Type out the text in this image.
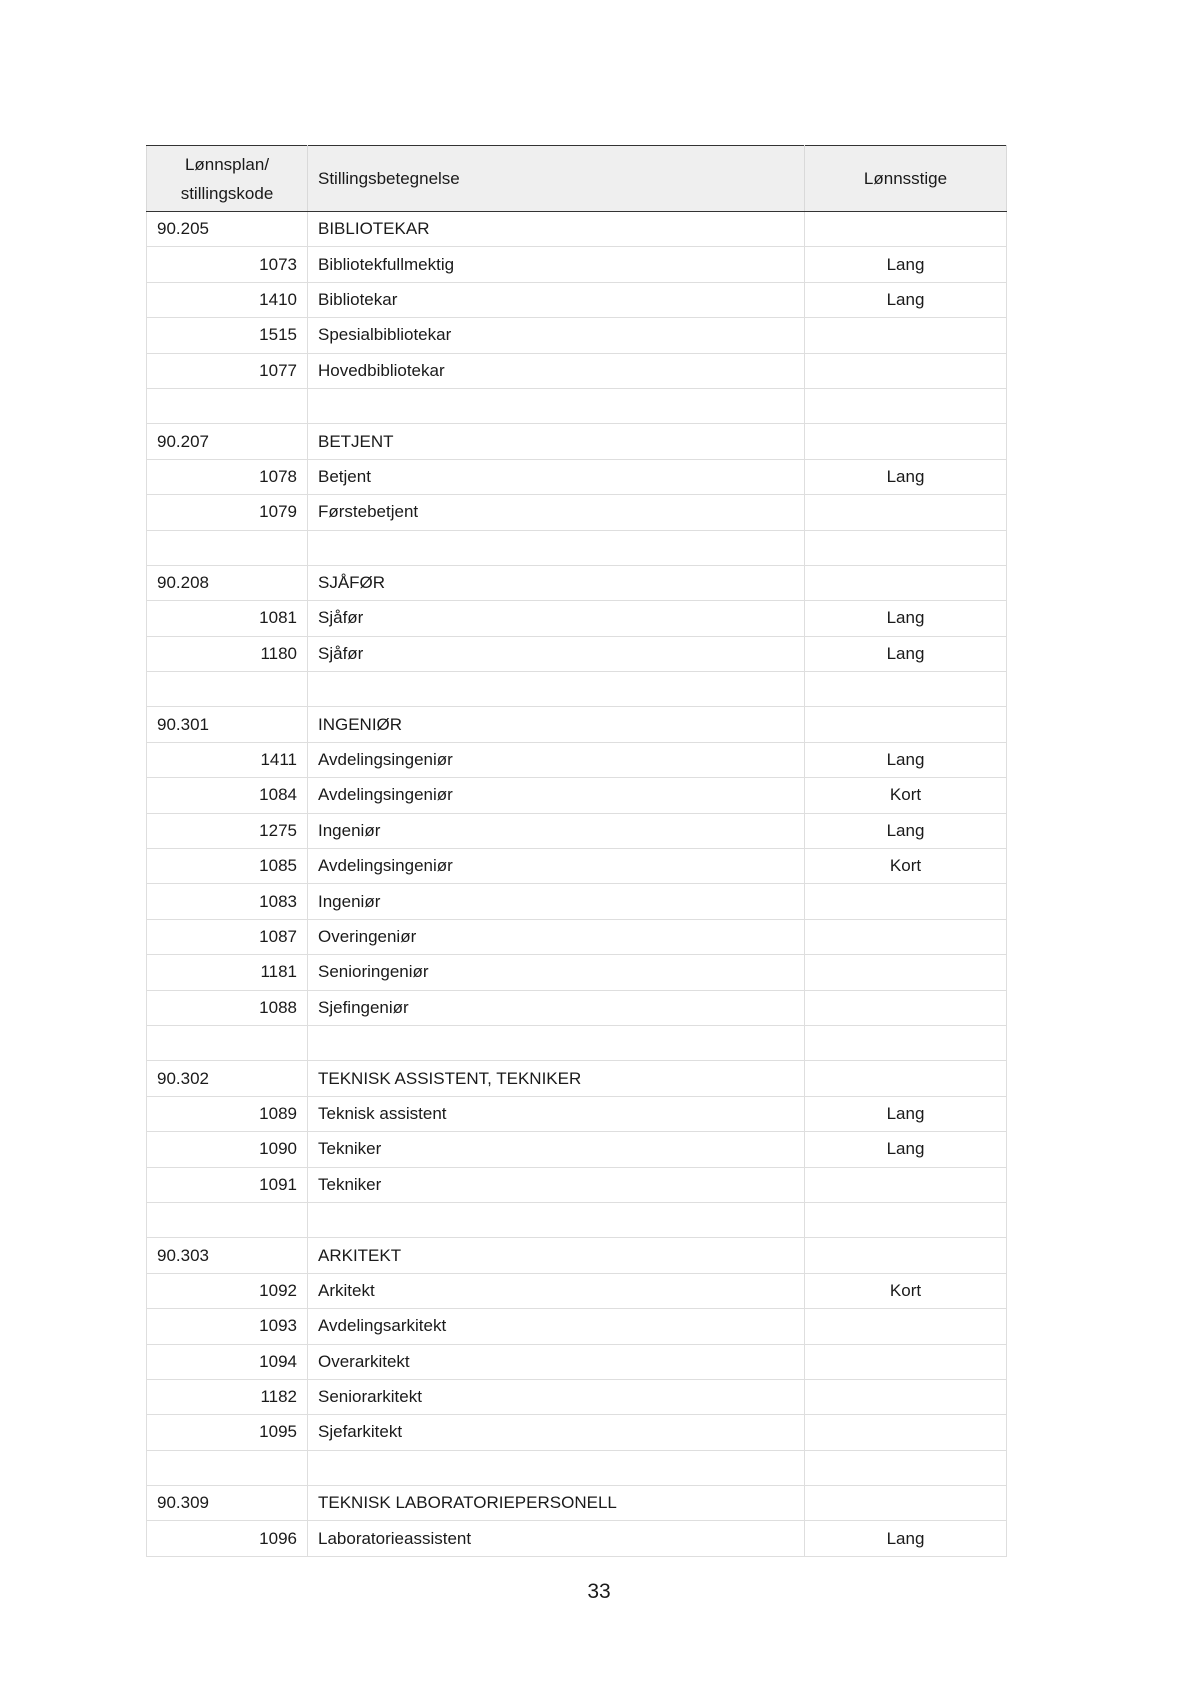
Lønnsplan/
stillingskode	Stillingsbetegnelse	Lønnsstige
90.205	BIBLIOTEKAR	
1073	Bibliotekfullmektig	Lang
1410	Bibliotekar	Lang
1515	Spesialbibliotekar	
1077	Hovedbibliotekar	

90.207	BETJENT	
1078	Betjent	Lang
1079	Førstebetjent	

90.208	SJÅFØR	
1081	Sjåfør	Lang
1180	Sjåfør	Lang

90.301	INGENIØR	
1411	Avdelingsingeniør	Lang
1084	Avdelingsingeniør	Kort
1275	Ingeniør	Lang
1085	Avdelingsingeniør	Kort
1083	Ingeniør	
1087	Overingeniør	
1181	Senioringeniør	
1088	Sjefingeniør	

90.302	TEKNISK ASSISTENT, TEKNIKER	
1089	Teknisk assistent	Lang
1090	Tekniker	Lang
1091	Tekniker	

90.303	ARKITEKT	
1092	Arkitekt	Kort
1093	Avdelingsarkitekt	
1094	Overarkitekt	
1182	Seniorarkitekt	
1095	Sjefarkitekt	

90.309	TEKNISK LABORATORIEPERSONELL	
1096	Laboratorieassistent	Lang
33
